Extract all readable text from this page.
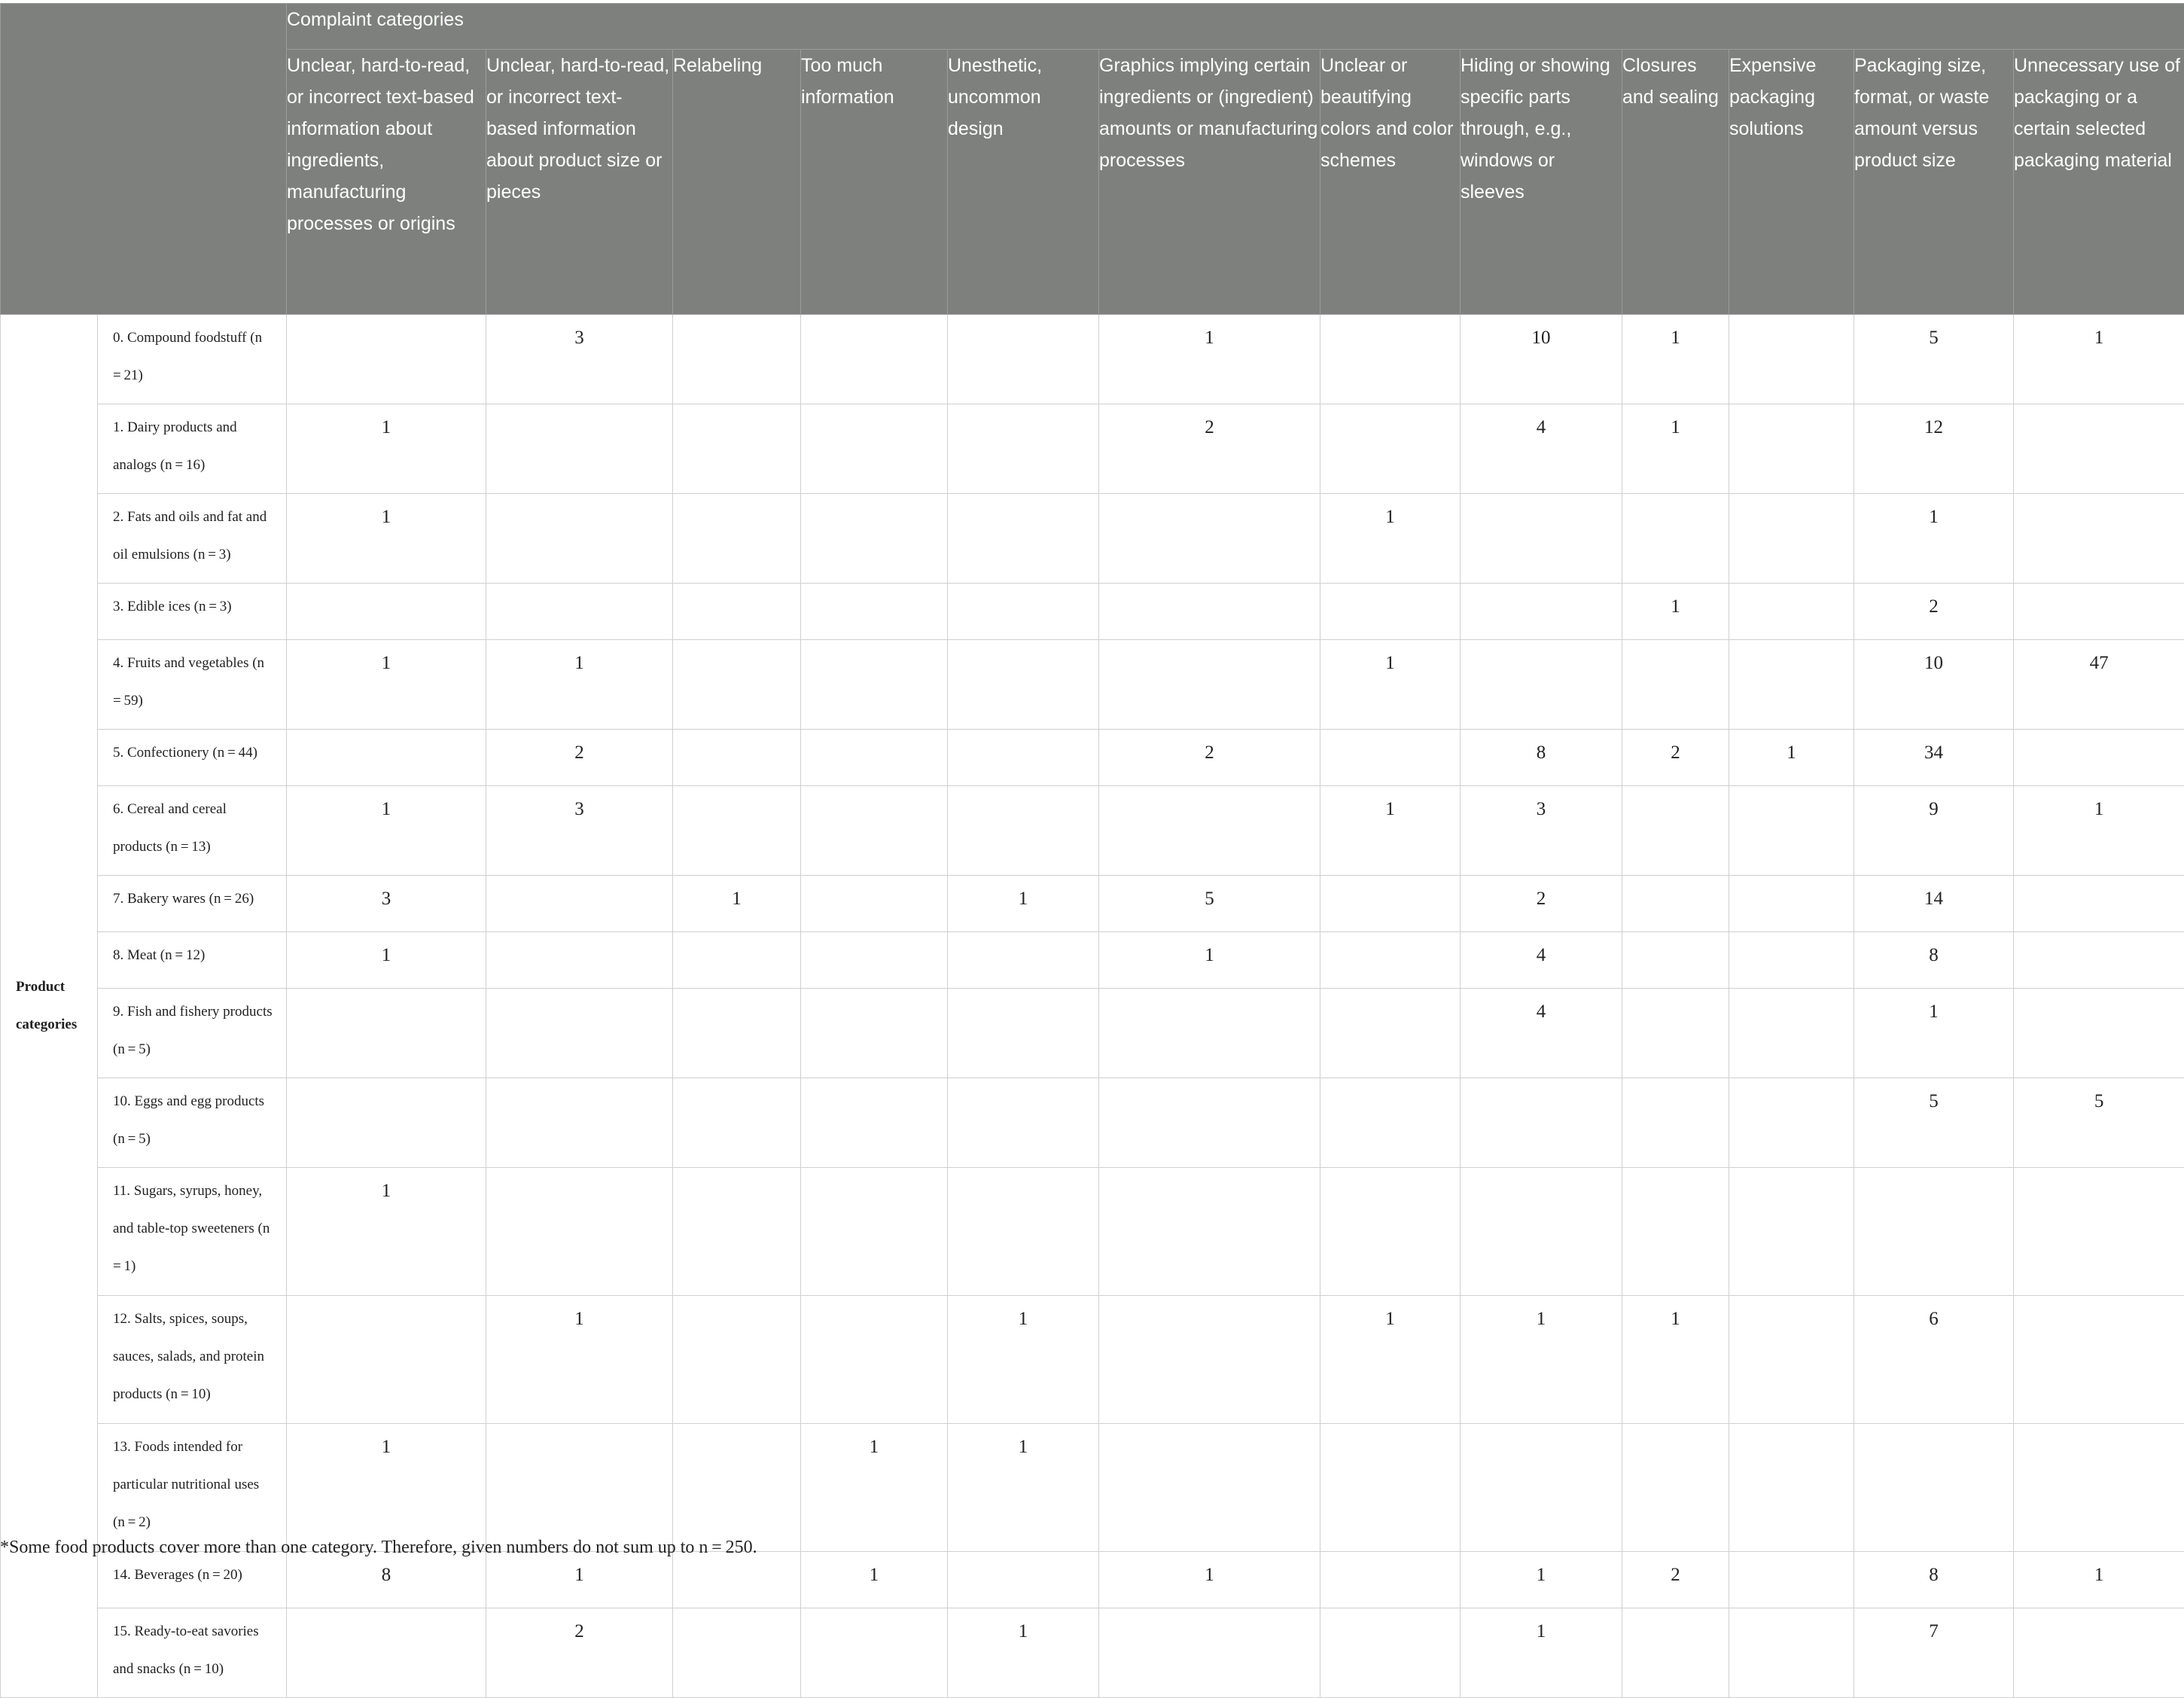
		Complaint categories											
		Unclear, hard-to-read, or incorrect text-based information about ingredients, manufacturing processes or origins	Unclear, hard-to-read, or incorrect text-based information about product size or pieces	Relabeling	Too much information	Unesthetic, uncommon design	Graphics implying certain ingredients or (ingredient) amounts or manufacturing processes	Unclear or beautifying colors and color schemes	Hiding or showing specific parts through, e.g., windows or sleeves	Closures and sealing	Expensive packaging solutions	Packaging size, format, or waste amount versus product size	Unnecessary use of packaging or a certain selected packaging material
Product categories	0. Compound foodstuff (n = 21)		3				1		10	1		5	1
	1. Dairy products and analogs (n = 16)	1					2		4	1		12	
	2. Fats and oils and fat and oil emulsions (n = 3)	1						1				1	
	3. Edible ices (n = 3)									1		2	
	4. Fruits and vegetables (n = 59)	1	1					1				10	47
	5. Confectionery (n = 44)		2				2		8	2	1	34	
	6. Cereal and cereal products (n = 13)	1	3					1	3			9	1
	7. Bakery wares (n = 26)	3		1		1	5		2			14	
	8. Meat (n = 12)	1					1		4			8	
	9. Fish and fishery products (n = 5)								4			1	
	10. Eggs and egg products (n = 5)											5	5
	11. Sugars, syrups, honey, and table-top sweeteners (n = 1)	1											
	12. Salts, spices, soups, sauces, salads, and protein products (n = 10)		1			1		1	1	1		6	
	13. Foods intended for particular nutritional uses (n = 2)	1			1	1							
	14. Beverages (n = 20)	8	1		1		1		1	2		8	1
	15. Ready-to-eat savories and snacks (n = 10)		2			1			1			7	
*Some food products cover more than one category. Therefore, given numbers do not sum up to n = 250.
